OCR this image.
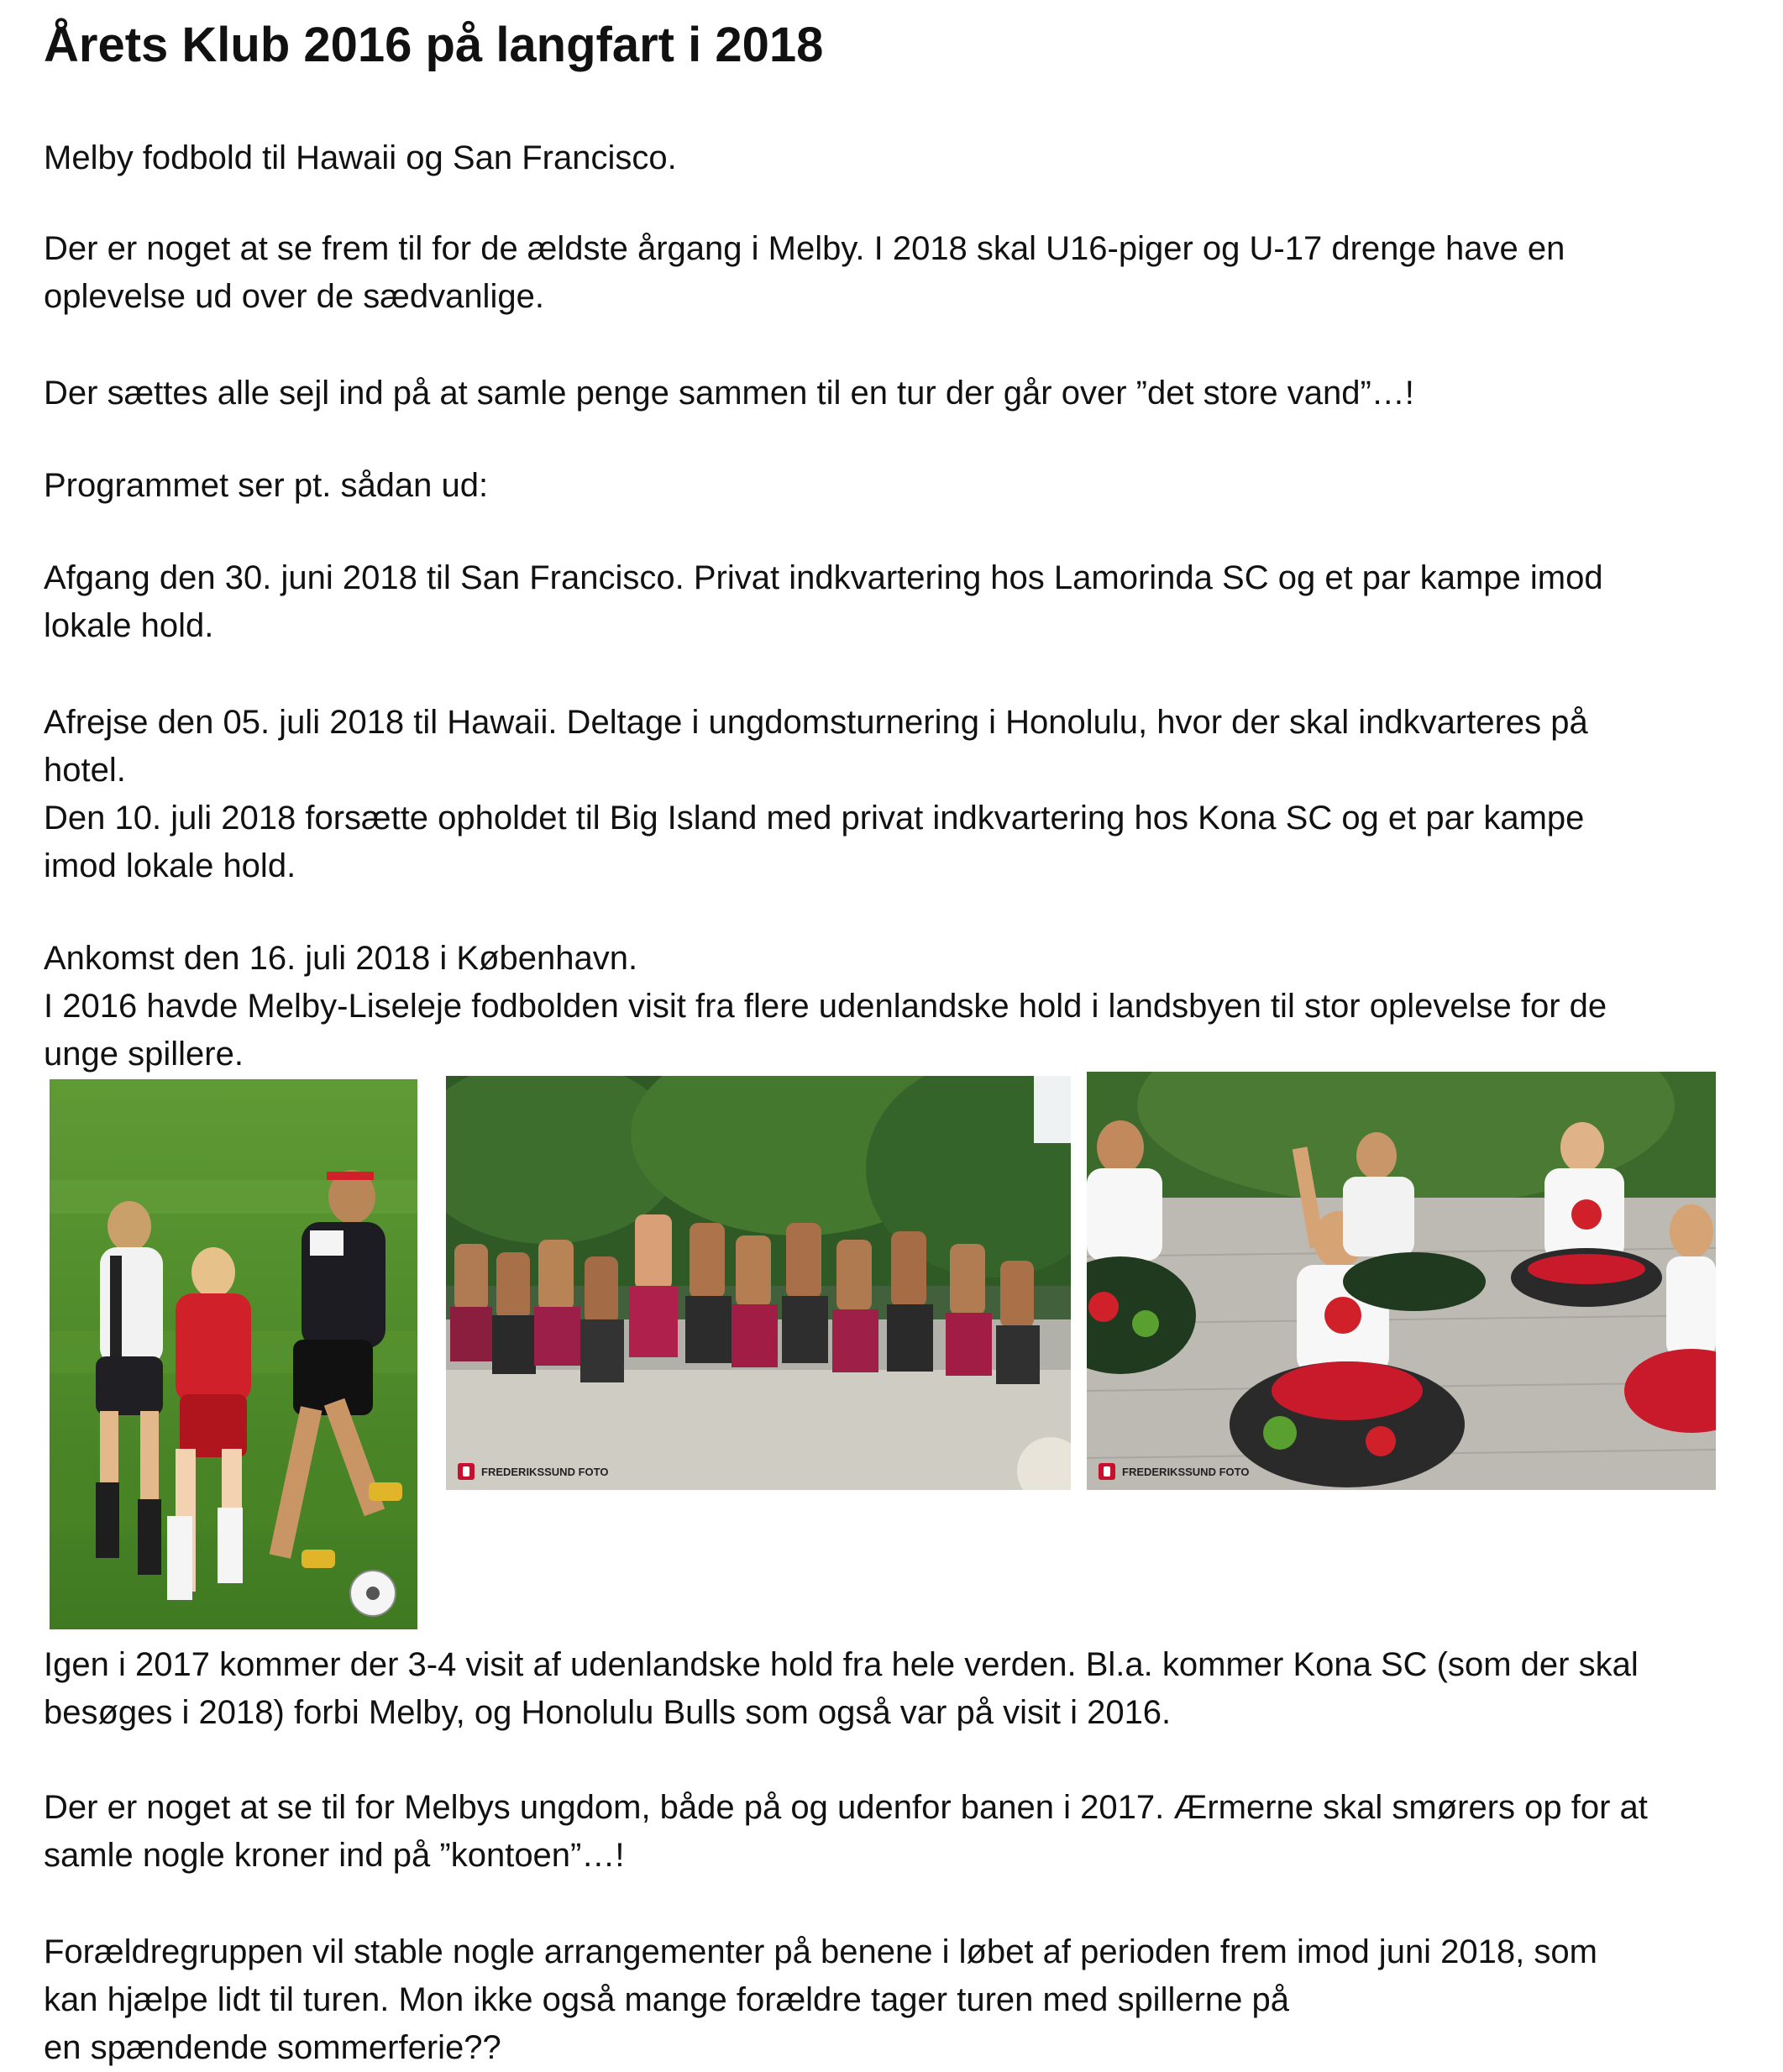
Årets Klub 2016 på langfart i 2018
Melby fodbold til Hawaii og San Francisco.
Der er noget at se frem til for de ældste årgang i Melby. I 2018 skal U16-piger og U-17 drenge have en
oplevelse ud over de sædvanlige.
Der sættes alle sejl ind på at samle penge sammen til en tur der går over ”det store vand”…!
Programmet ser pt. sådan ud:
Afgang den 30. juni 2018 til San Francisco. Privat indkvartering hos Lamorinda SC og et par kampe imod
lokale hold.
Afrejse den 05. juli 2018 til Hawaii. Deltage i ungdomsturnering i Honolulu, hvor der skal indkvarteres på
hotel.
Den 10. juli 2018 forsætte opholdet til Big Island med privat indkvartering hos Kona SC og et par kampe
imod lokale hold.
Ankomst den 16. juli 2018 i København.
I 2016 havde Melby-Liseleje fodbolden visit fra flere udenlandske hold i landsbyen til stor oplevelse for de
unge spillere.
Igen i 2017 kommer der 3-4 visit af udenlandske hold fra hele verden. Bl.a. kommer Kona SC (som der skal
besøges i 2018) forbi Melby, og Honolulu Bulls som også var på visit i 2016.
Der er noget at se til for Melbys ungdom, både på og udenfor banen i 2017. Ærmerne skal smørers op for at
samle nogle kroner ind på ”kontoen”…!
Forældregruppen vil stable nogle arrangementer på benene i løbet af perioden frem imod juni 2018, som
kan hjælpe lidt til turen. Mon ikke også mange forældre tager turen med spillerne på
en spændende sommerferie??
FREDERIKSSUND FOTO	FREDERIKSSUND FOTO
